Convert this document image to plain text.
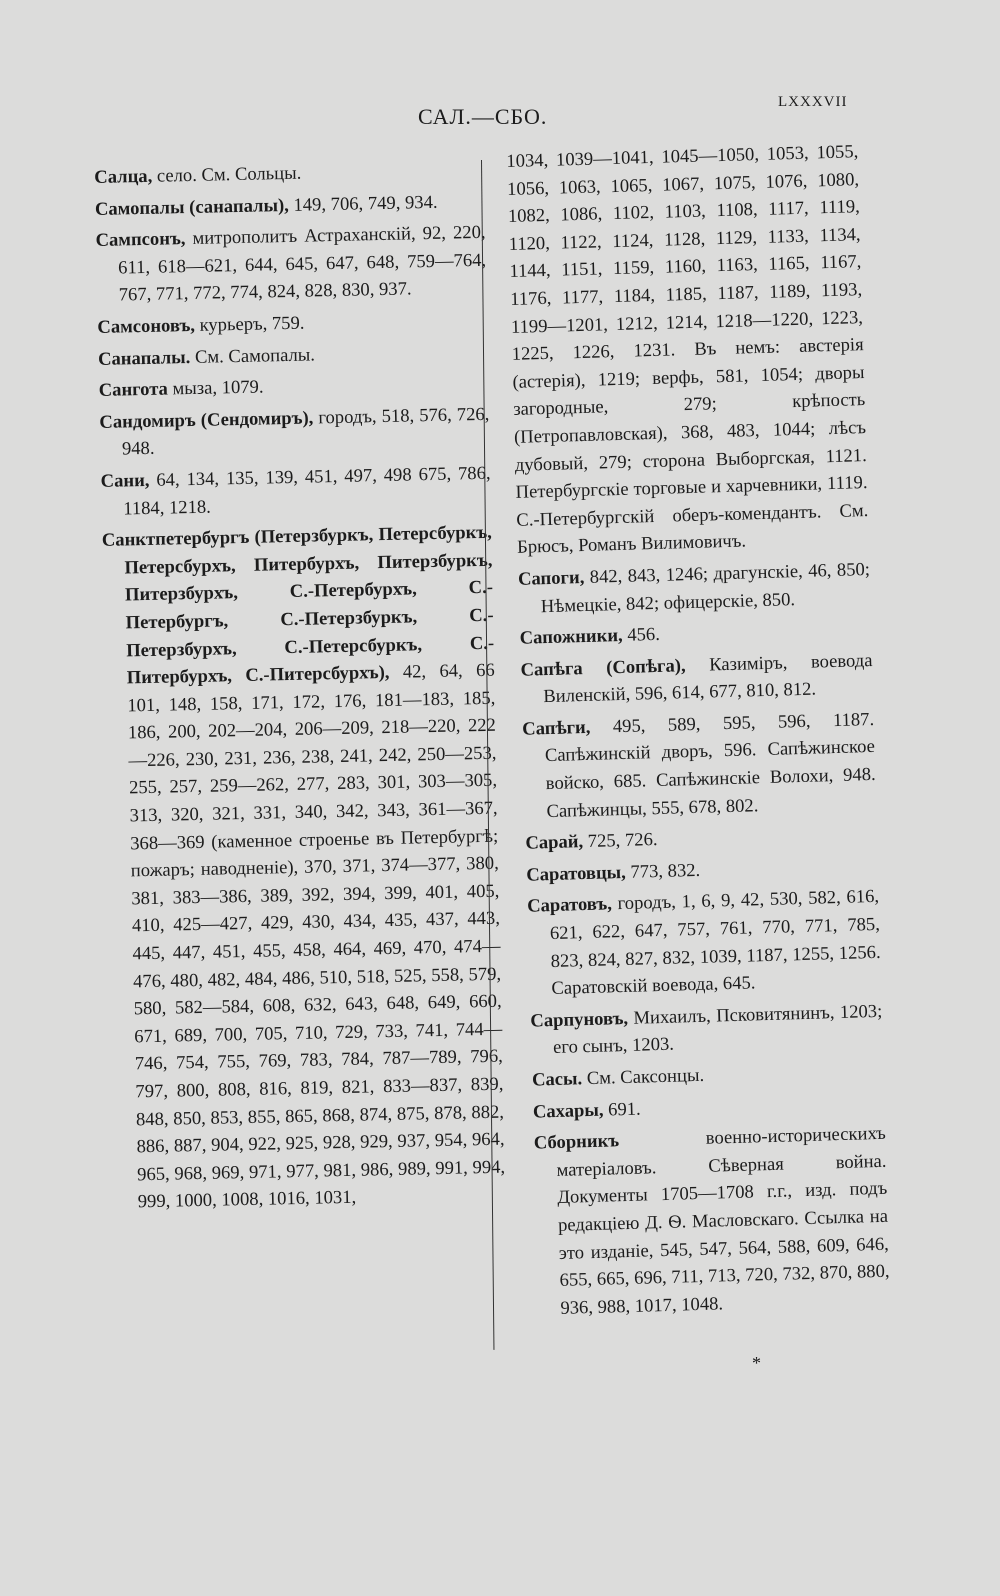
САЛ.—СБО.
LXXXVII

Салца, село. См. Сольцы.

Самопалы (санапалы), 149, 706, 749, 934.

Сампсонъ, митрополитъ Астраханскій, 92, 220, 611, 618—621, 644, 645, 647, 648, 759—764, 767, 771, 772, 774, 824, 828, 830, 937.

Самсоновъ, курьеръ, 759.

Санапалы. См. Самопалы.

Сангота мыза, 1079.

Сандомиръ (Сендомиръ), городъ, 518, 576, 726, 948.

Сани, 64, 134, 135, 139, 451, 497, 498 675, 786, 1184, 1218.

Санктпетербургъ (Петерзбуркъ, Петерсбуркъ, Петерсбурхъ, Питербурхъ, Питерзбуркъ, Питерзбурхъ, С.-Петербурхъ, С.-Петербургъ, С.-Петерзбуркъ, С.-Петерзбурхъ, С.-Петерсбуркъ, С.-Питербурхъ, С.-Питерсбурхъ), 42, 64, 66 101, 148, 158, 171, 172, 176, 181—183, 185, 186, 200, 202—204, 206—209, 218—220, 222—226, 230, 231, 236, 238, 241, 242, 250—253, 255, 257, 259—262, 277, 283, 301, 303—305, 313, 320, 321, 331, 340, 342, 343, 361—367, 368—369 (каменное строенье въ Петербургѣ; пожаръ; наводненіе), 370, 371, 374—377, 380, 381, 383—386, 389, 392, 394, 399, 401, 405, 410, 425—427, 429, 430, 434, 435, 437, 443, 445, 447, 451, 455, 458, 464, 469, 470, 474—476, 480, 482, 484, 486, 510, 518, 525, 558, 579, 580, 582—584, 608, 632, 643, 648, 649, 660, 671, 689, 700, 705, 710, 729, 733, 741, 744—746, 754, 755, 769, 783, 784, 787—789, 796, 797, 800, 808, 816, 819, 821, 833—837, 839, 848, 850, 853, 855, 865, 868, 874, 875, 878, 882, 886, 887, 904, 922, 925, 928, 929, 937, 954, 964, 965, 968, 969, 971, 977, 981, 986, 989, 991, 994, 999, 1000, 1008, 1016, 1031,

1034, 1039—1041, 1045—1050, 1053, 1055, 1056, 1063, 1065, 1067, 1075, 1076, 1080, 1082, 1086, 1102, 1103, 1108, 1117, 1119, 1120, 1122, 1124, 1128, 1129, 1133, 1134, 1144, 1151, 1159, 1160, 1163, 1165, 1167, 1176, 1177, 1184, 1185, 1187, 1189, 1193, 1199—1201, 1212, 1214, 1218—1220, 1223, 1225, 1226, 1231. Въ немъ: австерія (астерія), 1219; верфь, 581, 1054; дворы загородные, 279; крѣпость (Петропавловская), 368, 483, 1044; лѣсъ дубовый, 279; сторона Выборгская, 1121. Петербургскіе торговые и харчевники, 1119. С.-Петербургскій оберъ-комендантъ. См. Брюсъ, Романъ Вилимовичъ.

Сапоги, 842, 843, 1246; драгунскіе, 46, 850; Нѣмецкіе, 842; офицерскіе, 850.

Сапожники, 456.

Сапѣга (Сопѣга), Казиміръ, воевода Виленскій, 596, 614, 677, 810, 812.

Сапѣги, 495, 589, 595, 596, 1187. Сапѣжинскій дворъ, 596. Сапѣжинское войско, 685. Сапѣжинскіе Волохи, 948. Сапѣжинцы, 555, 678, 802.

Сарай, 725, 726.

Саратовцы, 773, 832.

Саратовъ, городъ, 1, 6, 9, 42, 530, 582, 616, 621, 622, 647, 757, 761, 770, 771, 785, 823, 824, 827, 832, 1039, 1187, 1255, 1256. Саратовскій воевода, 645.

Сарпуновъ, Михаилъ, Псковитянинъ, 1203; его сынъ, 1203.

Сасы. См. Саксонцы.

Сахары, 691.

Сборникъ военно-историческихъ матеріаловъ. Сѣверная война. Документы 1705—1708 г.г., изд. подъ редакціею Д. Ѳ. Масловскаго. Ссылка на это изданіе, 545, 547, 564, 588, 609, 646, 655, 665, 696, 711, 713, 720, 732, 870, 880, 936, 988, 1017, 1048.

*
